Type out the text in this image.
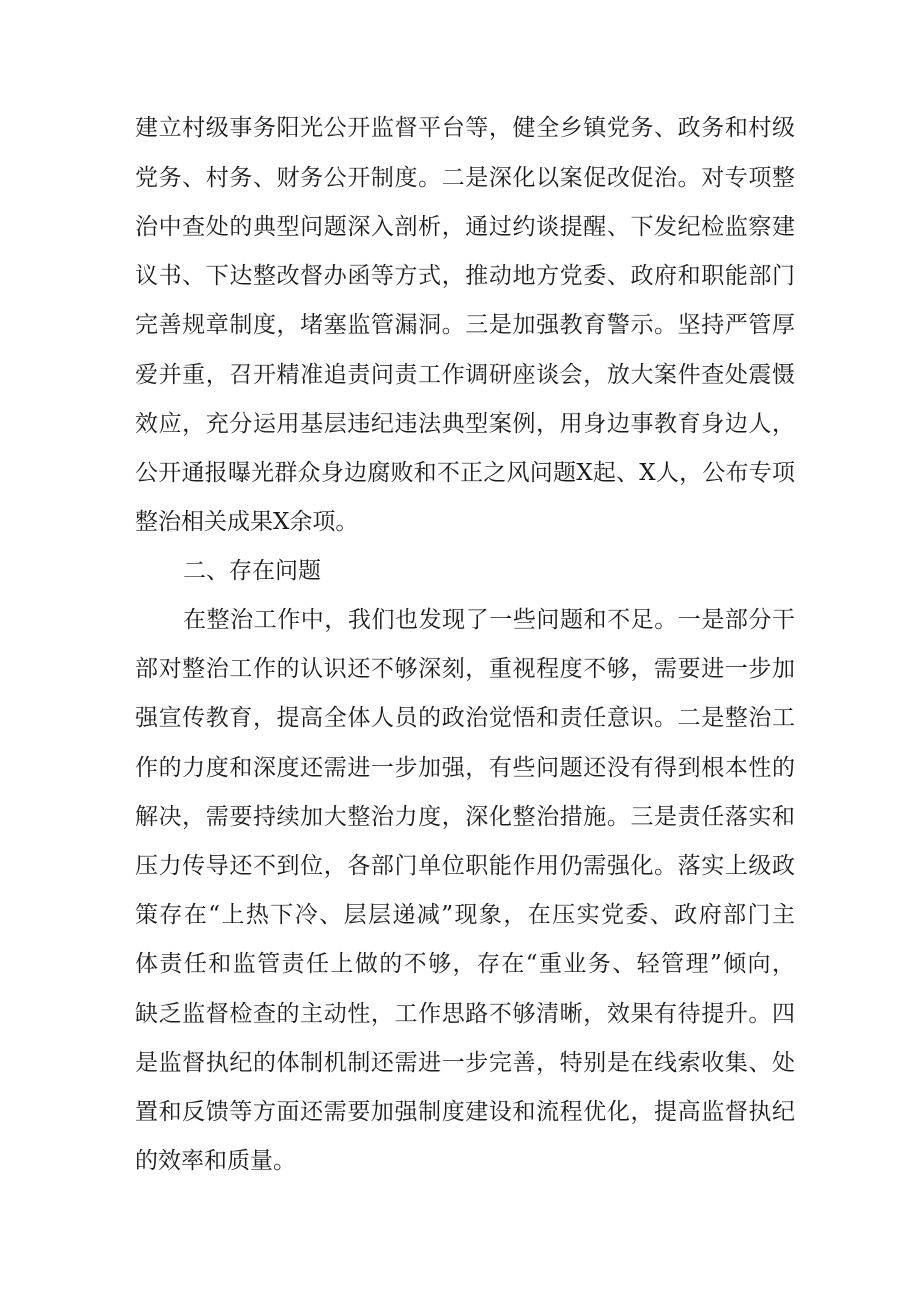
建立村级事务阳光公开监督平台等，健全乡镇党务、政务和村级
党务、村务、财务公开制度。二是深化以案促改促治。对专项整
治中查处的典型问题深入剖析，通过约谈提醒、下发纪检监察建
议书、下达整改督办函等方式，推动地方党委、政府和职能部门
完善规章制度，堵塞监管漏洞。三是加强教育警示。坚持严管厚
爱并重，召开精准追责问责工作调研座谈会，放大案件查处震慑
效应，充分运用基层违纪违法典型案例，用身边事教育身边人，
公开通报曝光群众身边腐败和不正之风问题X起、X人，公布专项
整治相关成果X余项。
二、存在问题
在整治工作中，我们也发现了一些问题和不足。一是部分干
部对整治工作的认识还不够深刻，重视程度不够，需要进一步加
强宣传教育，提高全体人员的政治觉悟和责任意识。二是整治工
作的力度和深度还需进一步加强，有些问题还没有得到根本性的
解决，需要持续加大整治力度，深化整治措施。三是责任落实和
压力传导还不到位，各部门单位职能作用仍需强化。落实上级政
策存在“上热下冷、层层递减”现象，在压实党委、政府部门主
体责任和监管责任上做的不够，存在“重业务、轻管理”倾向，
缺乏监督检查的主动性，工作思路不够清晰，效果有待提升。四
是监督执纪的体制机制还需进一步完善，特别是在线索收集、处
置和反馈等方面还需要加强制度建设和流程优化，提高监督执纪
的效率和质量。
